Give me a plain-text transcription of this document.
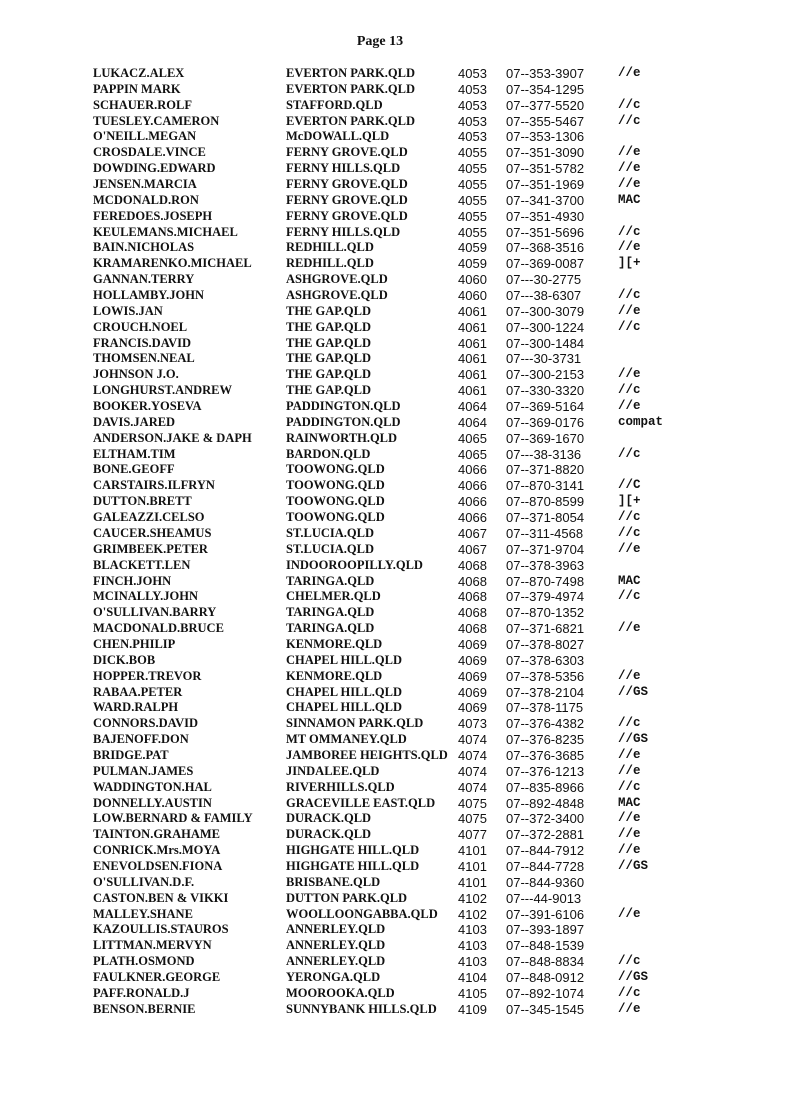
Page 13
LUKACZ.ALEX	EVERTON PARK.QLD	4053	07--353-3907	//e
PAPPIN MARK	EVERTON PARK.QLD	4053	07--354-1295
SCHAUER.ROLF	STAFFORD.QLD	4053	07--377-5520	//c
TUESLEY.CAMERON	EVERTON PARK.QLD	4053	07--355-5467	//c
O'NEILL.MEGAN	McDOWALL.QLD	4053	07--353-1306
CROSDALE.VINCE	FERNY GROVE.QLD	4055	07--351-3090	//e
DOWDING.EDWARD	FERNY HILLS.QLD	4055	07--351-5782	//e
JENSEN.MARCIA	FERNY GROVE.QLD	4055	07--351-1969	//e
MCDONALD.RON	FERNY GROVE.QLD	4055	07--341-3700	MAC
FEREDOES.JOSEPH	FERNY GROVE.QLD	4055	07--351-4930
KEULEMANS.MICHAEL	FERNY HILLS.QLD	4055	07--351-5696	//c
BAIN.NICHOLAS	REDHILL.QLD	4059	07--368-3516	//e
KRAMARENKO.MICHAEL	REDHILL.QLD	4059	07--369-0087	][+
GANNAN.TERRY	ASHGROVE.QLD	4060	07---30-2775
HOLLAMBY.JOHN	ASHGROVE.QLD	4060	07---38-6307	//c
LOWIS.JAN	THE GAP.QLD	4061	07--300-3079	//e
CROUCH.NOEL	THE GAP.QLD	4061	07--300-1224	//c
FRANCIS.DAVID	THE GAP.QLD	4061	07--300-1484
THOMSEN.NEAL	THE GAP.QLD	4061	07---30-3731
JOHNSON J.O.	THE GAP.QLD	4061	07--300-2153	//e
LONGHURST.ANDREW	THE GAP.QLD	4061	07--330-3320	//c
BOOKER.YOSEVA	PADDINGTON.QLD	4064	07--369-5164	//e
DAVIS.JARED	PADDINGTON.QLD	4064	07--369-0176	compat
ANDERSON.JAKE & DAPH	RAINWORTH.QLD	4065	07--369-1670
ELTHAM.TIM	BARDON.QLD	4065	07---38-3136	//c
BONE.GEOFF	TOOWONG.QLD	4066	07--371-8820
CARSTAIRS.ILFRYN	TOOWONG.QLD	4066	07--870-3141	//C
DUTTON.BRETT	TOOWONG.QLD	4066	07--870-8599	][+
GALEAZZI.CELSO	TOOWONG.QLD	4066	07--371-8054	//c
CAUCER.SHEAMUS	ST.LUCIA.QLD	4067	07--311-4568	//c
GRIMBEEK.PETER	ST.LUCIA.QLD	4067	07--371-9704	//e
BLACKETT.LEN	INDOOROOPILLY.QLD	4068	07--378-3963
FINCH.JOHN	TARINGA.QLD	4068	07--870-7498	MAC
MCINALLY.JOHN	CHELMER.QLD	4068	07--379-4974	//c
O'SULLIVAN.BARRY	TARINGA.QLD	4068	07--870-1352
MACDONALD.BRUCE	TARINGA.QLD	4068	07--371-6821	//e
CHEN.PHILIP	KENMORE.QLD	4069	07--378-8027
DICK.BOB	CHAPEL HILL.QLD	4069	07--378-6303
HOPPER.TREVOR	KENMORE.QLD	4069	07--378-5356	//e
RABAA.PETER	CHAPEL HILL.QLD	4069	07--378-2104	//GS
WARD.RALPH	CHAPEL HILL.QLD	4069	07--378-1175
CONNORS.DAVID	SINNAMON PARK.QLD	4073	07--376-4382	//c
BAJENOFF.DON	MT OMMANEY.QLD	4074	07--376-8235	//GS
BRIDGE.PAT	JAMBOREE HEIGHTS.QLD 4074	07--376-3685	//e
PULMAN.JAMES	JINDALEE.QLD	4074	07--376-1213	//e
WADDINGTON.HAL	RIVERHILLS.QLD	4074	07--835-8966	//c
DONNELLY.AUSTIN	GRACEVILLE EAST.QLD	4075	07--892-4848	MAC
LOW.BERNARD & FAMILY	DURACK.QLD	4075	07--372-3400	//e
TAINTON.GRAHAME	DURACK.QLD	4077	07--372-2881	//e
CONRICK.Mrs.MOYA	HIGHGATE HILL.QLD	4101	07--844-7912	//e
ENEVOLDSEN.FIONA	HIGHGATE HILL.QLD	4101	07--844-7728	//GS
O'SULLIVAN.D.F.	BRISBANE.QLD	4101	07--844-9360
CASTON.BEN & VIKKI	DUTTON PARK.QLD	4102	07---44-9013
MALLEY.SHANE	WOOLLOONGABBA.QLD	4102	07--391-6106	//e
KAZOULLIS.STAUROS	ANNERLEY.QLD	4103	07--393-1897
LITTMAN.MERVYN	ANNERLEY.QLD	4103	07--848-1539
PLATH.OSMOND	ANNERLEY.QLD	4103	07--848-8834	//c
FAULKNER.GEORGE	YERONGA.QLD	4104	07--848-0912	//GS
PAFF.RONALD.J	MOOROOKA.QLD	4105	07--892-1074	//c
BENSON.BERNIE	SUNNYBANK HILLS.QLD	4109	07--345-1545	//e
